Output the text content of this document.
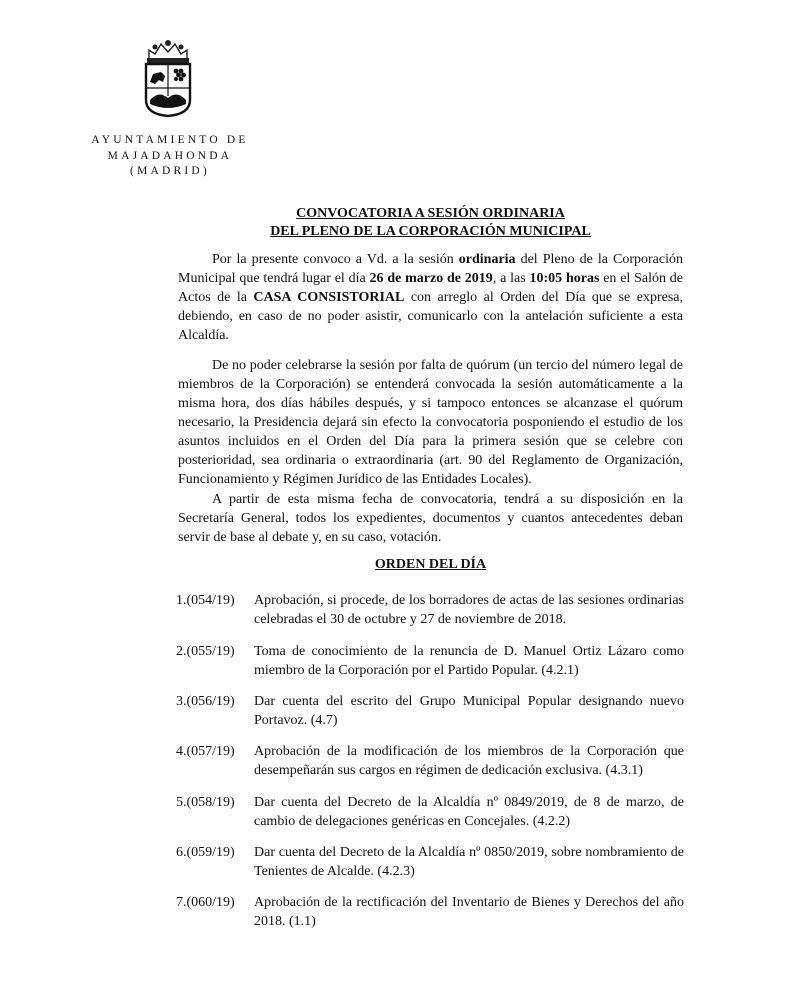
AYUNTAMIENTO DE
MAJADAHONDA
(MADRID)
CONVOCATORIA A SESIÓN ORDINARIA
DEL PLENO DE LA CORPORACIÓN MUNICIPAL

Por la presente convoco a Vd. a la sesión ordinaria del Pleno de la Corporación Municipal que tendrá lugar el día 26 de marzo de 2019, a las 10:05 horas en el Salón de Actos de la CASA CONSISTORIAL con arreglo al Orden del Día que se expresa, debiendo, en caso de no poder asistir, comunicarlo con la antelación suficiente a esta Alcaldía.

De no poder celebrarse la sesión por falta de quórum (un tercio del número legal de miembros de la Corporación) se entenderá convocada la sesión automáticamente a la misma hora, dos días hábiles después, y si tampoco entonces se alcanzase el quórum necesario, la Presidencia dejará sin efecto la convocatoria posponiendo el estudio de los asuntos incluidos en el Orden del Día para la primera sesión que se celebre con posterioridad, sea ordinaria o extraordinaria (art. 90 del Reglamento de Organización, Funcionamiento y Régimen Jurídico de las Entidades Locales).

A partir de esta misma fecha de convocatoria, tendrá a su disposición en la Secretaría General, todos los expedientes, documentos y cuantos antecedentes deban servir de base al debate y, en su caso, votación.

ORDEN DEL DÍA
1.(054/19)	Aprobación, si procede, de los borradores de actas de las sesiones ordinarias celebradas el 30 de octubre y 27 de noviembre de 2018.
2.(055/19)	Toma de conocimiento de la renuncia de D. Manuel Ortiz Lázaro como miembro de la Corporación por el Partido Popular. (4.2.1)
3.(056/19)	Dar cuenta del escrito del Grupo Municipal Popular designando nuevo Portavoz. (4.7)
4.(057/19)	Aprobación de la modificación de los miembros de la Corporación que desempeñarán sus cargos en régimen de dedicación exclusiva. (4.3.1)
5.(058/19)	Dar cuenta del Decreto de la Alcaldía nº 0849/2019, de 8 de marzo, de cambio de delegaciones genéricas en Concejales. (4.2.2)
6.(059/19)	Dar cuenta del Decreto de la Alcaldía nº 0850/2019, sobre nombramiento de Tenientes de Alcalde. (4.2.3)
7.(060/19)	Aprobación de la rectificación del Inventario de Bienes y Derechos del año 2018. (1.1)
